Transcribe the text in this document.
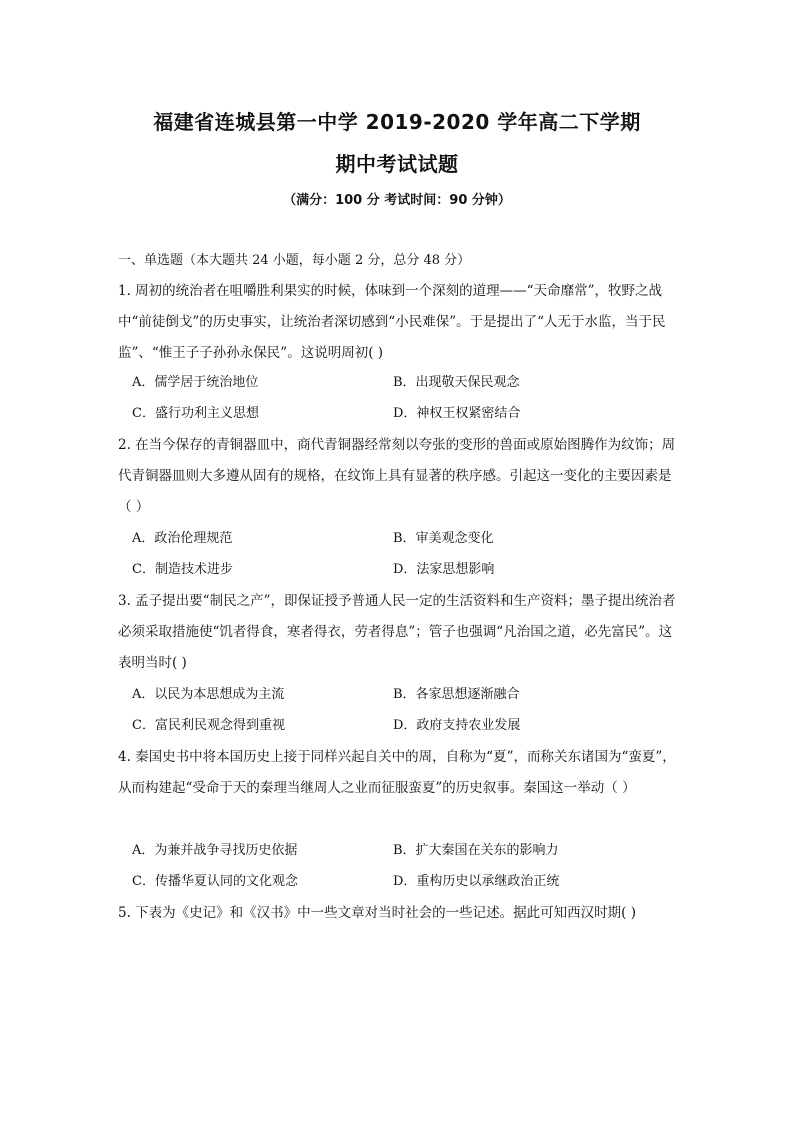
福建省连城县第一中学 2019-2020 学年高二下学期
期中考试试题
（满分：100 分 考试时间：90 分钟）
一、单选题（本大题共 24 小题，每小题 2 分，总分 48 分）
1. 周初的统治者在咀嚼胜利果实的时候，体味到一个深刻的道理——“天命靡常”，牧野之战中“前徒倒戈”的历史事实，让统治者深切感到“小民难保”。于是提出了“人无于水监，当于民监”、“惟王子子孙孙永保民”。这说明周初( )
A．儒学居于统治地位	B．出现敬天保民观念
C．盛行功利主义思想	D．神权王权紧密结合
2. 在当今保存的青铜器皿中，商代青铜器经常刻以夸张的变形的兽面或原始图腾作为纹饰；周代青铜器皿则大多遵从固有的规格，在纹饰上具有显著的秩序感。引起这一变化的主要因素是（ ）
A．政治伦理规范	B．审美观念变化
C．制造技术进步	D．法家思想影响
3. 孟子提出要“制民之产”，即保证授予普通人民一定的生活资料和生产资料；墨子提出统治者必须采取措施使“饥者得食，寒者得衣，劳者得息”；管子也强调“凡治国之道，必先富民”。这表明当时( )
A．以民为本思想成为主流	B．各家思想逐渐融合
C．富民利民观念得到重视	D．政府支持农业发展
4. 秦国史书中将本国历史上接于同样兴起自关中的周，自称为“夏”，而称关东诸国为“蛮夏”，从而构建起“受命于天的秦理当继周人之业而征服蛮夏”的历史叙事。秦国这一举动（ ）
A．为兼并战争寻找历史依据	B．扩大秦国在关东的影响力
C．传播华夏认同的文化观念	D．重构历史以承继政治正统
5. 下表为《史记》和《汉书》中一些文章对当时社会的一些记述。据此可知西汉时期( )
